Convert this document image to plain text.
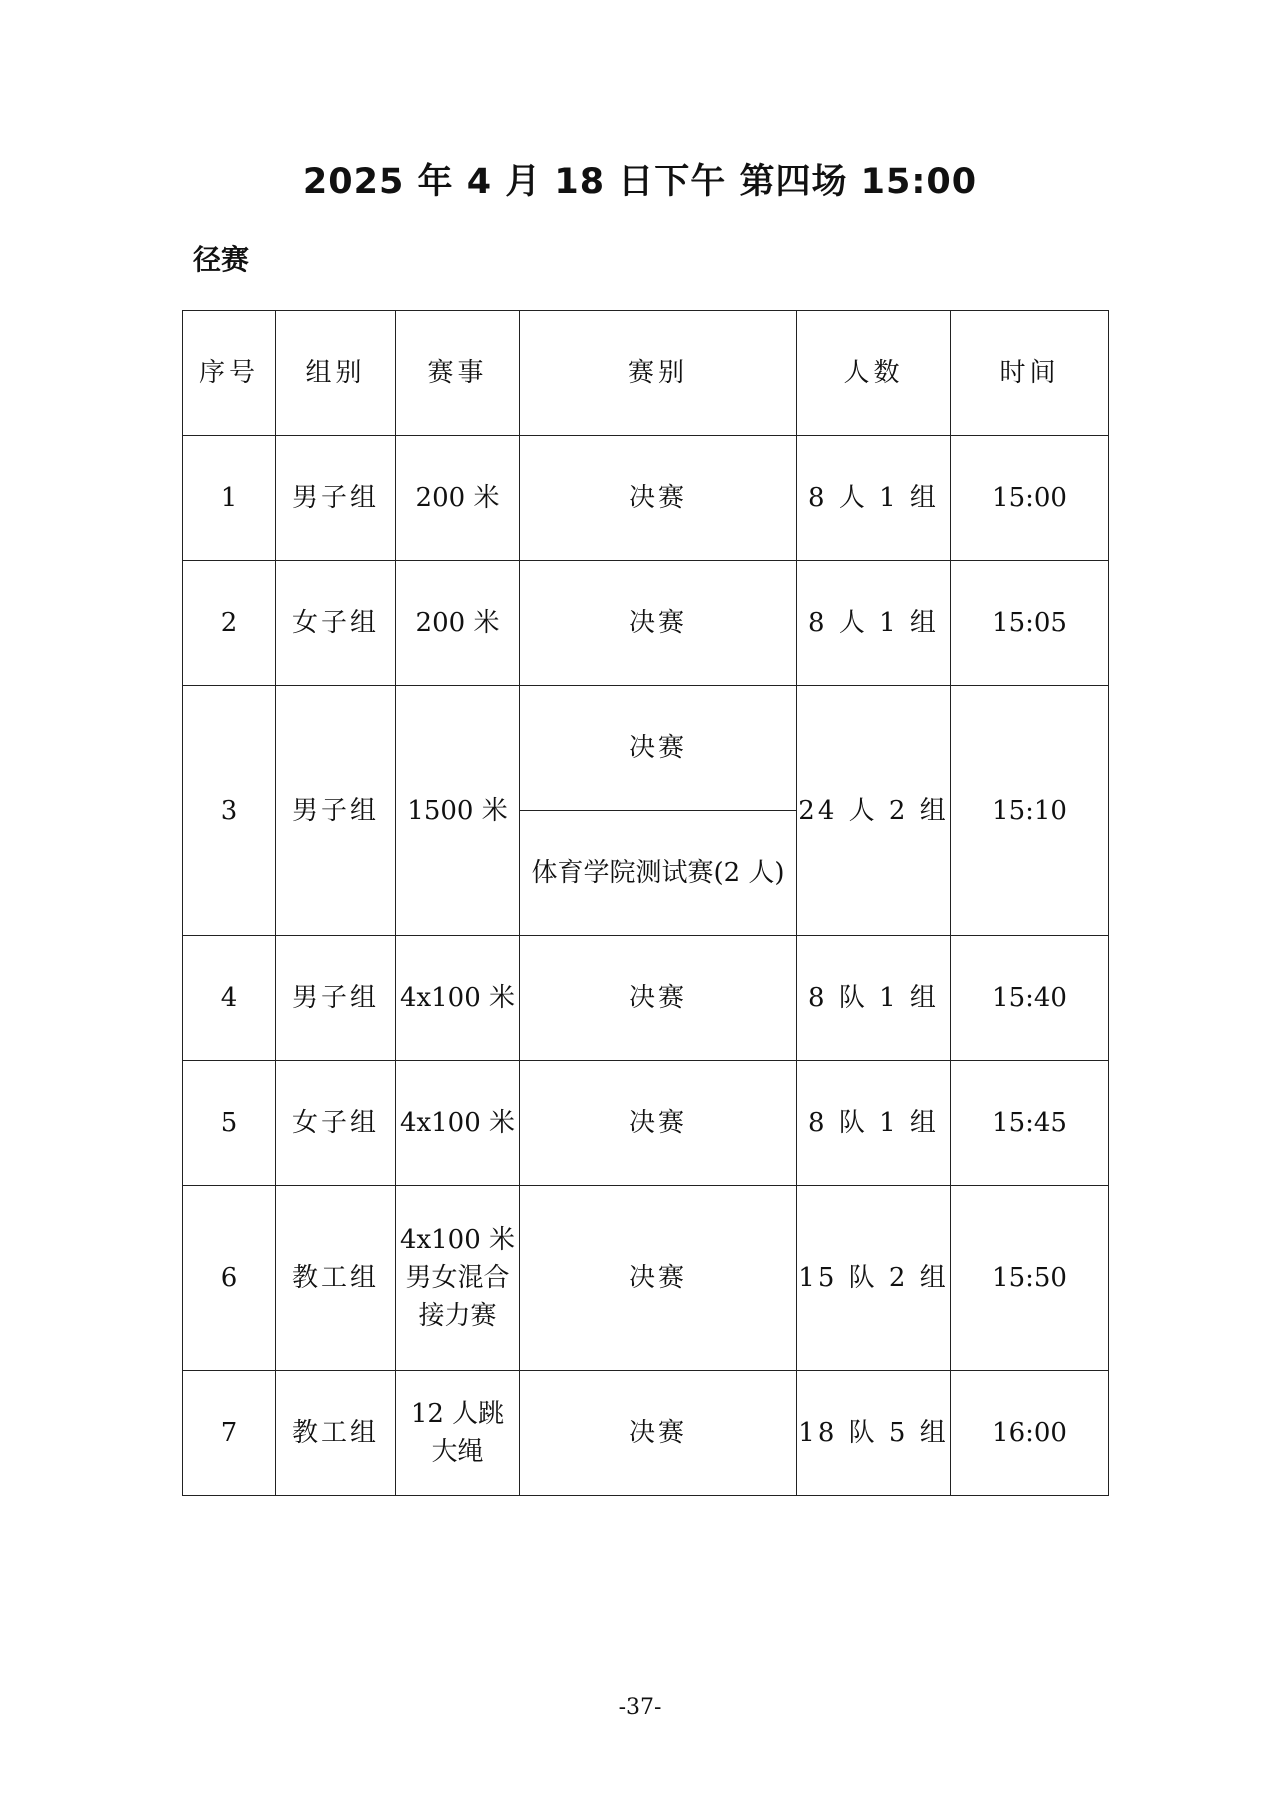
2025 年 4 月 18 日下午 第四场 15:00
径赛
序号	组别	赛事	赛别	人数	时间
1	男子组	200 米	决赛	8 人 1 组	15:00
2	女子组	200 米	决赛	8 人 1 组	15:05
3	男子组	1500 米	决赛	24 人 2 组	15:10
			体育学院测试赛(2 人)		
4	男子组	4x100 米	决赛	8 队 1 组	15:40
5	女子组	4x100 米	决赛	8 队 1 组	15:45
6	教工组	4x100 米
男女混合
接力赛	决赛	15 队 2 组	15:50
7	教工组	12 人跳
大绳	决赛	18 队 5 组	16:00
-37-
